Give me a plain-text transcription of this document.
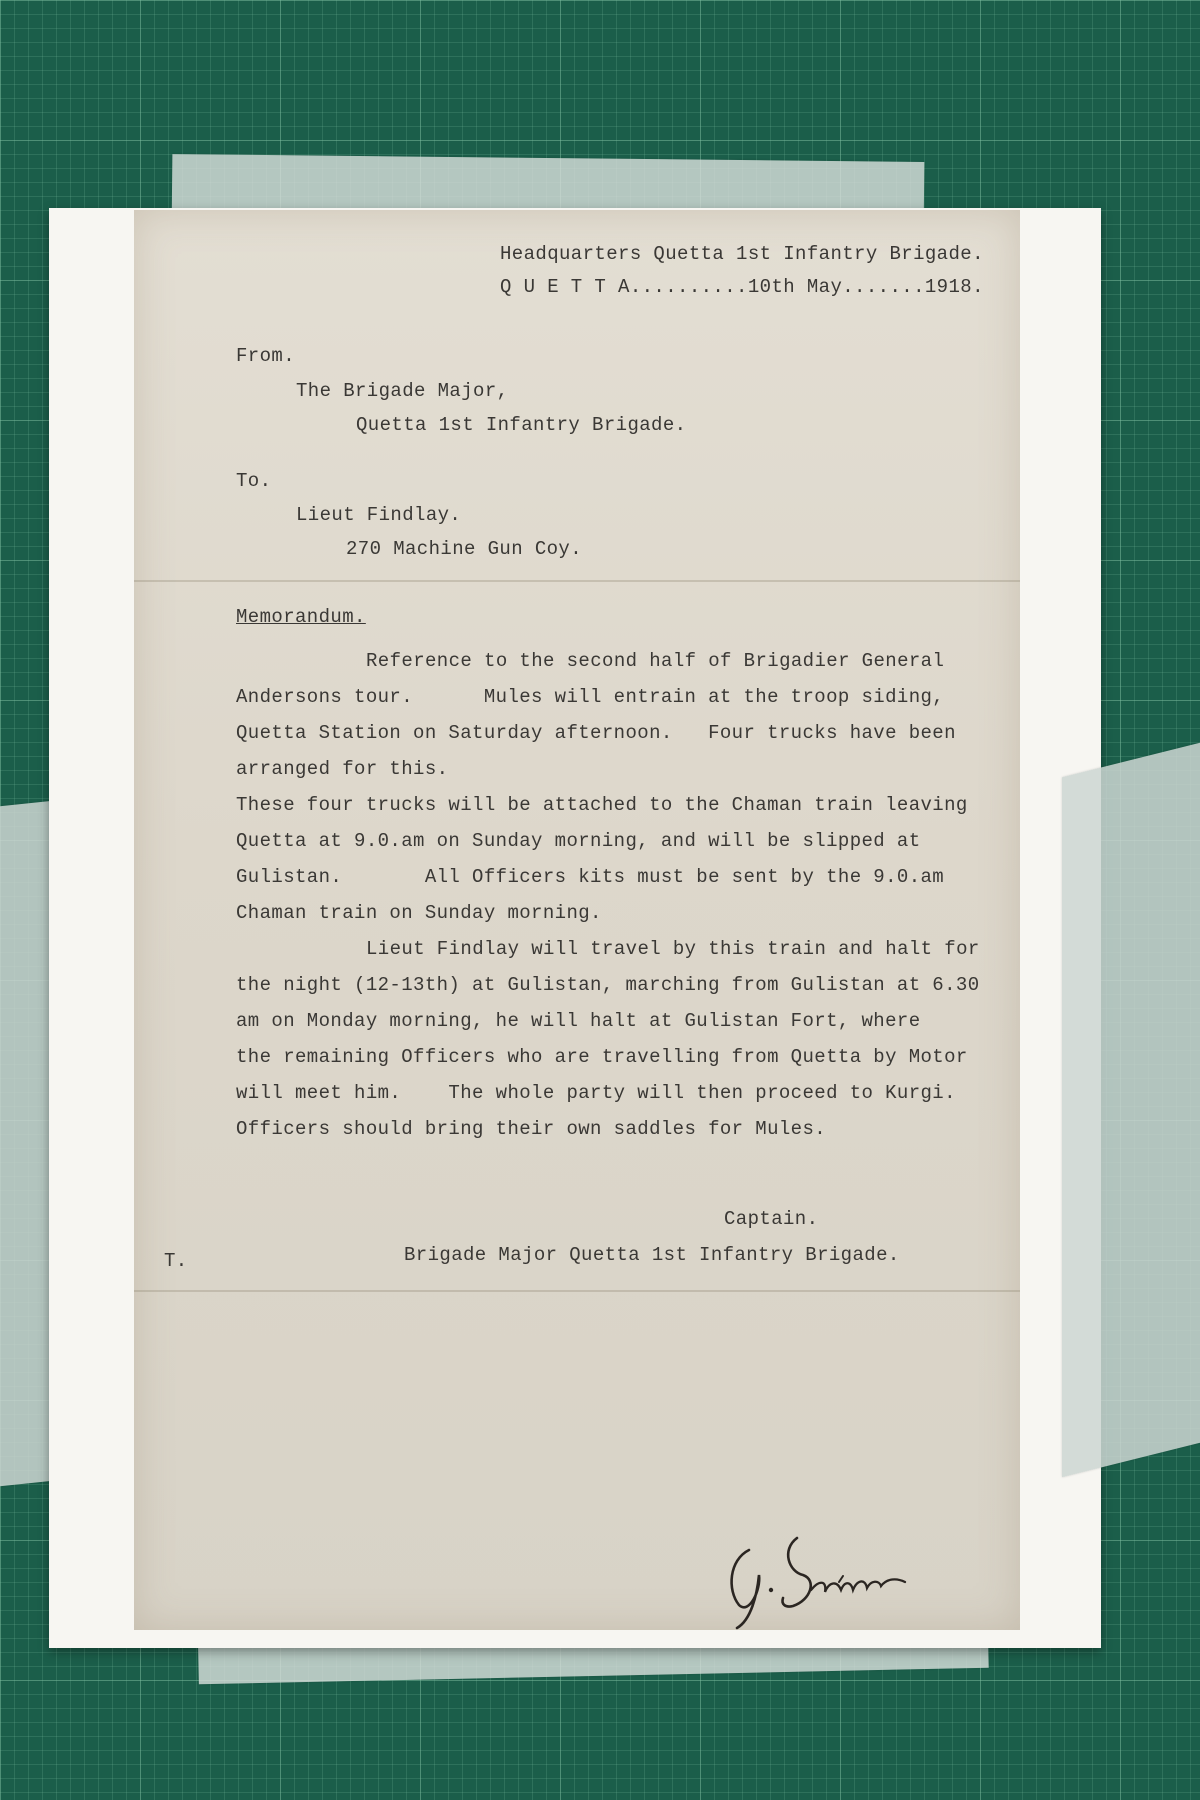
Headquarters Quetta 1st Infantry Brigade.

Q U E T T A..........10th May.......1918.

From.

The Brigade Major,

Quetta 1st Infantry Brigade.

To.

Lieut Findlay.

270 Machine Gun Coy.

Memorandum.

Reference to the second half of Brigadier General

Andersons tour.      Mules will entrain at the troop siding,

Quetta Station on Saturday afternoon.   Four trucks have been

arranged for this.

These four trucks will be attached to the Chaman train leaving

Quetta at 9.0.am on Sunday morning, and will be slipped at

Gulistan.       All Officers kits must be sent by the 9.0.am

Chaman train on Sunday morning.

Lieut Findlay will travel by this train and halt for

the night (12-13th) at Gulistan, marching from Gulistan at 6.30

am on Monday morning, he will halt at Gulistan Fort, where

the remaining Officers who are travelling from Quetta by Motor

will meet him.    The whole party will then proceed to Kurgi.

Officers should bring their own saddles for Mules.

Captain.

Brigade Major Quetta 1st Infantry Brigade.

T.
